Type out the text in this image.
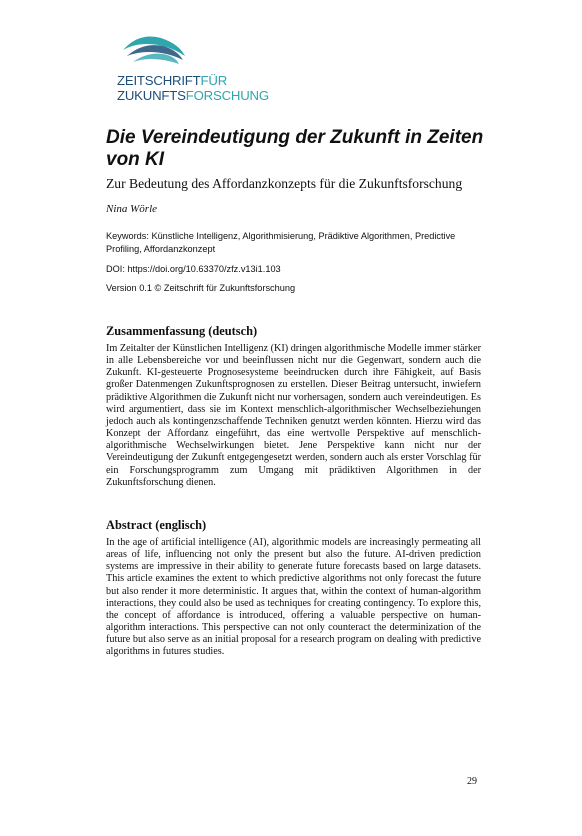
ZEITSCHRIFTFÜR
ZUKUNFTSFORSCHUNG
Die Vereindeutigung der Zukunft in Zeiten von KI
Zur Bedeutung des Affordanzkonzepts für die Zukunftsforschung
Nina Wörle
Keywords: Künstliche Intelligenz, Algorithmisierung, Prädiktive Algorithmen, Predictive Profiling, Affordanzkonzept
DOI: https://doi.org/10.63370/zfz.v13i1.103
Version 0.1 © Zeitschrift für Zukunftsforschung
Zusammenfassung (deutsch)

Im Zeitalter der Künstlichen Intelligenz (KI) dringen algorithmische Modelle immer stärker in alle Lebensbereiche vor und beeinflussen nicht nur die Gegenwart, sondern auch die Zukunft. KI-gesteuerte Prognosesysteme beeindrucken durch ihre Fähigkeit, auf Basis großer Datenmengen Zukunftsprognosen zu erstellen. Dieser Beitrag untersucht, inwiefern prädiktive Algorithmen die Zukunft nicht nur vorhersagen, sondern auch vereindeutigen. Es wird argumentiert, dass sie im Kontext menschlich-algorithmischer Wechselbeziehungen jedoch auch als kontingenzschaffende Techniken genutzt werden könnten. Hierzu wird das Konzept der Affordanz eingeführt, das eine wertvolle Perspektive auf menschlich-algorithmische Wechselwirkungen bietet. Jene Perspektive kann nicht nur der Vereindeutigung der Zukunft entgegengesetzt werden, sondern auch als erster Vorschlag für ein Forschungsprogramm zum Umgang mit prädiktiven Algorithmen in der Zukunftsforschung dienen.

Abstract (englisch)

In the age of artificial intelligence (AI), algorithmic models are increasingly permeating all areas of life, influencing not only the present but also the future. AI-driven prediction systems are impressive in their ability to generate future forecasts based on large datasets. This article examines the extent to which predictive algorithms not only forecast the future but also render it more deterministic. It argues that, within the context of human-algorithm interactions, they could also be used as techniques for creating contingency. To explore this, the concept of affordance is introduced, offering a valuable perspective on human-algorithm interactions. This perspective can not only counteract the determinization of the future but also serve as an initial proposal for a research program on dealing with predictive algorithms in futures studies.

29
